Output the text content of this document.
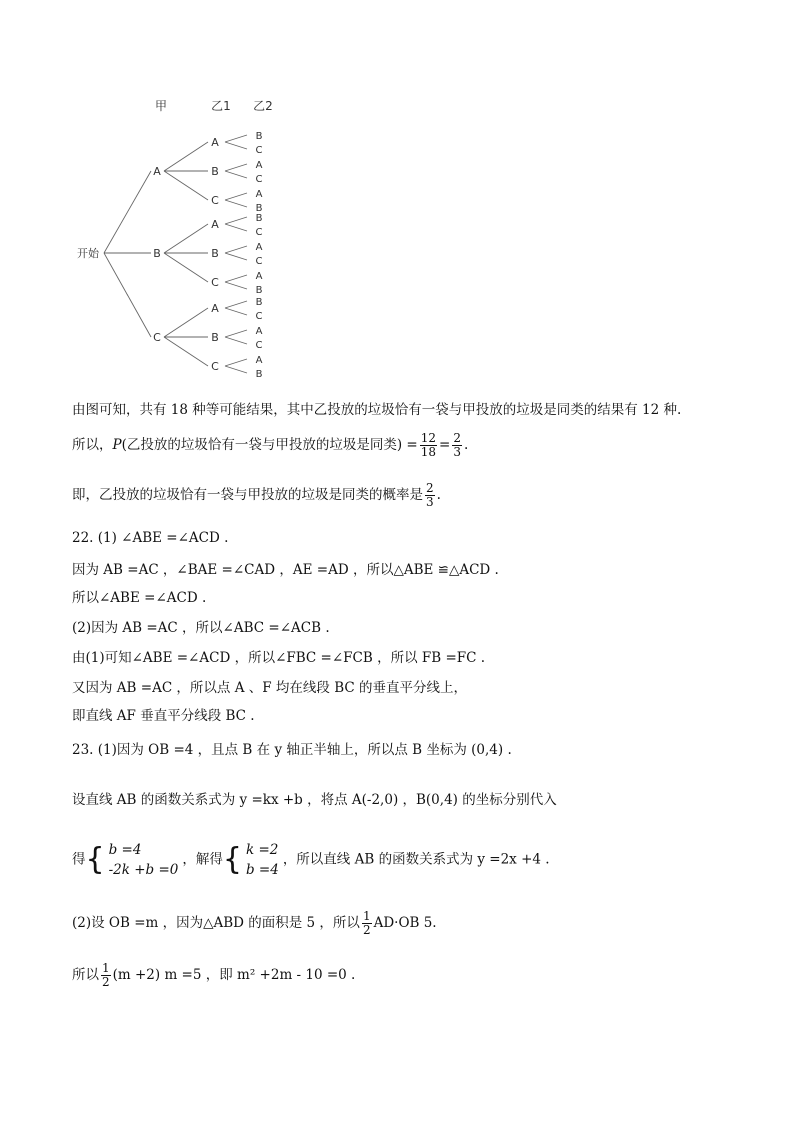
甲	乙1 乙2
开始
A
A	B
C
B	A
C
C	A
B
B
A	B
C
B	A
C
C	A
B
C
A	B
C
B	A
C
C	A
B
由图可知，共有 18 种等可能结果，其中乙投放的垃圾恰有一袋与甲投放的垃圾是同类的结果有 12 种.
所以，P(乙投放的垃圾恰有一袋与甲投放的垃圾是同类) = $\frac{12}{18} = \frac{2}{3}$ .
即，乙投放的垃圾恰有一袋与甲投放的垃圾是同类的概率是 $\frac{2}{3}$ .
22. (1) ∠ABE =∠ACD .
因为 AB =AC ，∠BAE =∠CAD ，AE =AD ，所以△ABE ≌△ACD .
所以∠ABE =∠ACD .
(2)因为 AB =AC ，所以∠ABC =∠ACB .
由(1)可知∠ABE =∠ACD ，所以∠FBC =∠FCB ，所以 FB =FC .
又因为 AB =AC ，所以点 A 、F 均在线段 BC 的垂直平分线上，
即直线 AF 垂直平分线段 BC .
23. (1)因为 OB =4 ，且点 B 在 y 轴正半轴上，所以点 B 坐标为 (0,4) .
设直线 AB 的函数关系式为 y =kx +b ，将点 A(-2,0) ，B(0,4) 的坐标分别代入
得{ b =4
-2k +b =0
，解得{ k =2
b =4
，所以直线 AB 的函数关系式为 y =2x +4 .
(2)设 OB =m ，因为△ABD 的面积是 5 ，所以 $\frac{1}{2} AD\cdot OB$ 5.
所以 $\frac{1}{2} (m +2)$ m =5 ，即 m² +2m - 10 =0 .
